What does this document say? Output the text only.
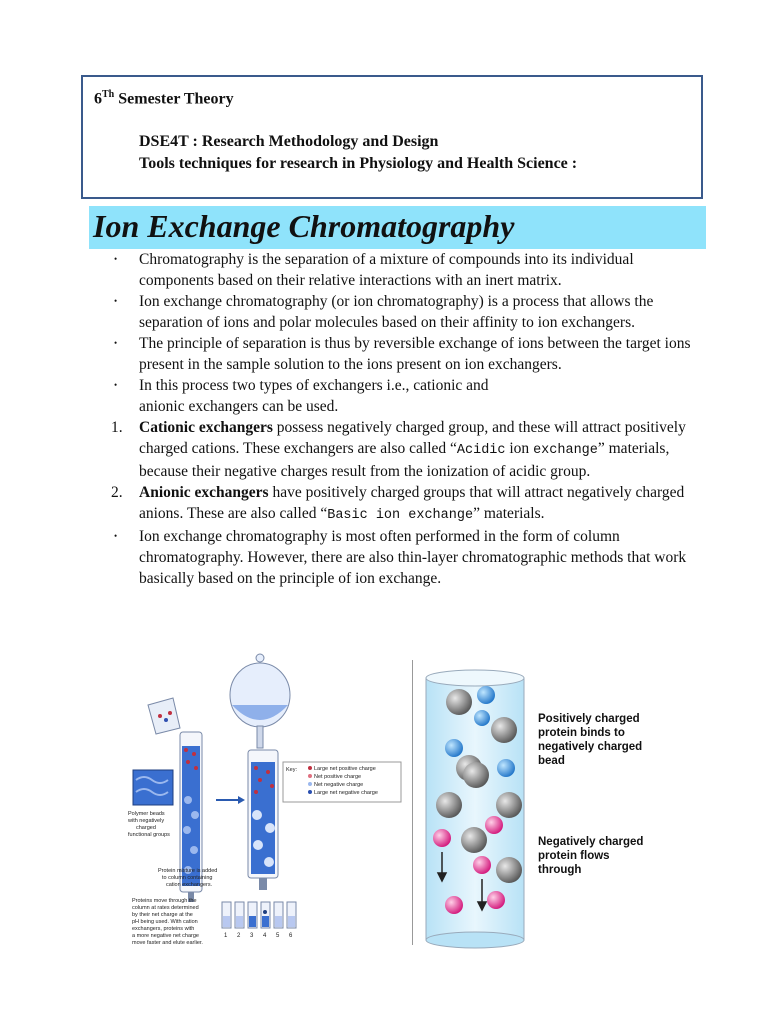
6Th Semester Theory
DSE4T : Research Methodology and Design
Tools techniques for research in Physiology and Health Science :
Ion Exchange Chromatography
•	Chromatography is the separation of a mixture of compounds into its individual components based on their relative interactions with an inert matrix.
•	Ion exchange chromatography (or ion chromatography) is a process that allows the separation of ions and polar molecules based on their affinity to ion exchangers.
•	The principle of separation is thus by reversible exchange of ions between the target ions present in the sample solution to the ions present on ion exchangers.
•	In this process two types of exchangers i.e., cationic and anionic exchangers can be used.
1.	Cationic exchangers possess negatively charged group, and these will attract positively charged cations. These exchangers are also called “Acidic ion exchange” materials, because their negative charges result from the ionization of acidic group.
2.	Anionic exchangers have positively charged groups that will attract negatively charged anions. These are also called “Basic ion exchange” materials.
•	Ion exchange chromatography is most often performed in the form of column chromatography. However, there are also thin-layer chromatographic methods that work basically based on the principle of ion exchange.
Polymer beads
with negatively
charged
functional groups
Key:	Large net positive charge
Net positive charge
Net negative charge
Large net negative charge
Protein mixture is added
to column containing
cation exchangers.
Proteins move through the
column at rates determined
by their net charge at the
pH being used. With cation
exchangers, proteins with
a more negative net charge
move faster and elute earlier.
1 2 3 4 5 6
Positively charged
protein binds to
negatively charged
bead
Negatively charged
protein flows
through
